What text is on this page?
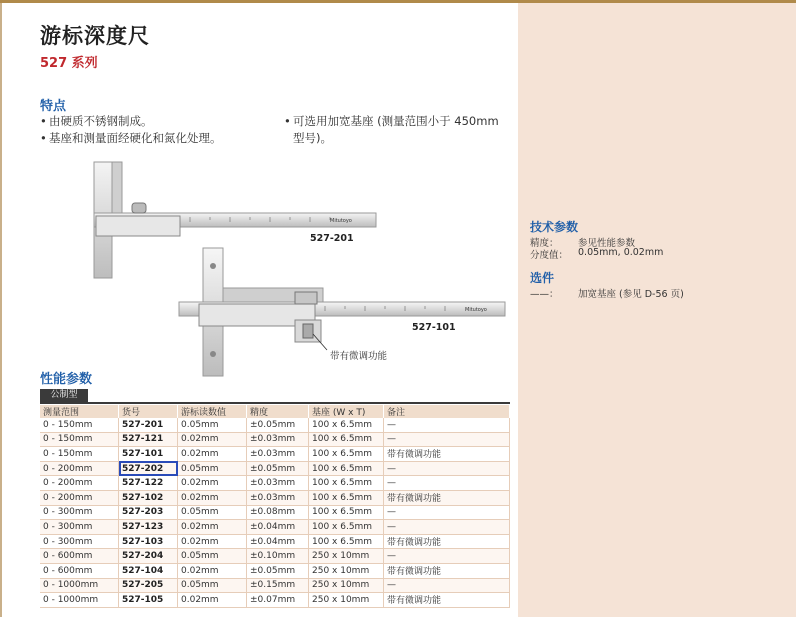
游标深度尺
527 系列
特点
• 由硬质不锈钢制成。
• 基座和测量面经硬化和氮化处理。
• 可选用加宽基座 (测量范围小于 450mm
型号)。
Mitutoyo
527-201
Mitutoyo
527-101
带有微调功能
性能参数
公制型
测量范围	货号	游标读数值	精度	基座 (W x T)	备注
0 - 150mm	527-201	0.05mm	±0.05mm	100 x 6.5mm	—
0 - 150mm	527-121	0.02mm	±0.03mm	100 x 6.5mm	—
0 - 150mm	527-101	0.02mm	±0.03mm	100 x 6.5mm	带有微调功能
0 - 200mm	527-202	0.05mm	±0.05mm	100 x 6.5mm	—
0 - 200mm	527-122	0.02mm	±0.03mm	100 x 6.5mm	—
0 - 200mm	527-102	0.02mm	±0.03mm	100 x 6.5mm	带有微调功能
0 - 300mm	527-203	0.05mm	±0.08mm	100 x 6.5mm	—
0 - 300mm	527-123	0.02mm	±0.04mm	100 x 6.5mm	—
0 - 300mm	527-103	0.02mm	±0.04mm	100 x 6.5mm	带有微调功能
0 - 600mm	527-204	0.05mm	±0.10mm	250 x 10mm	—
0 - 600mm	527-104	0.02mm	±0.05mm	250 x 10mm	带有微调功能
0 - 1000mm	527-205	0.05mm	±0.15mm	250 x 10mm	—
0 - 1000mm	527-105	0.02mm	±0.07mm	250 x 10mm	带有微调功能
技术参数
精度： 参见性能参数
分度值： 0.05mm, 0.02mm
选件
——： 加宽基座 (参见 D-56 页)
